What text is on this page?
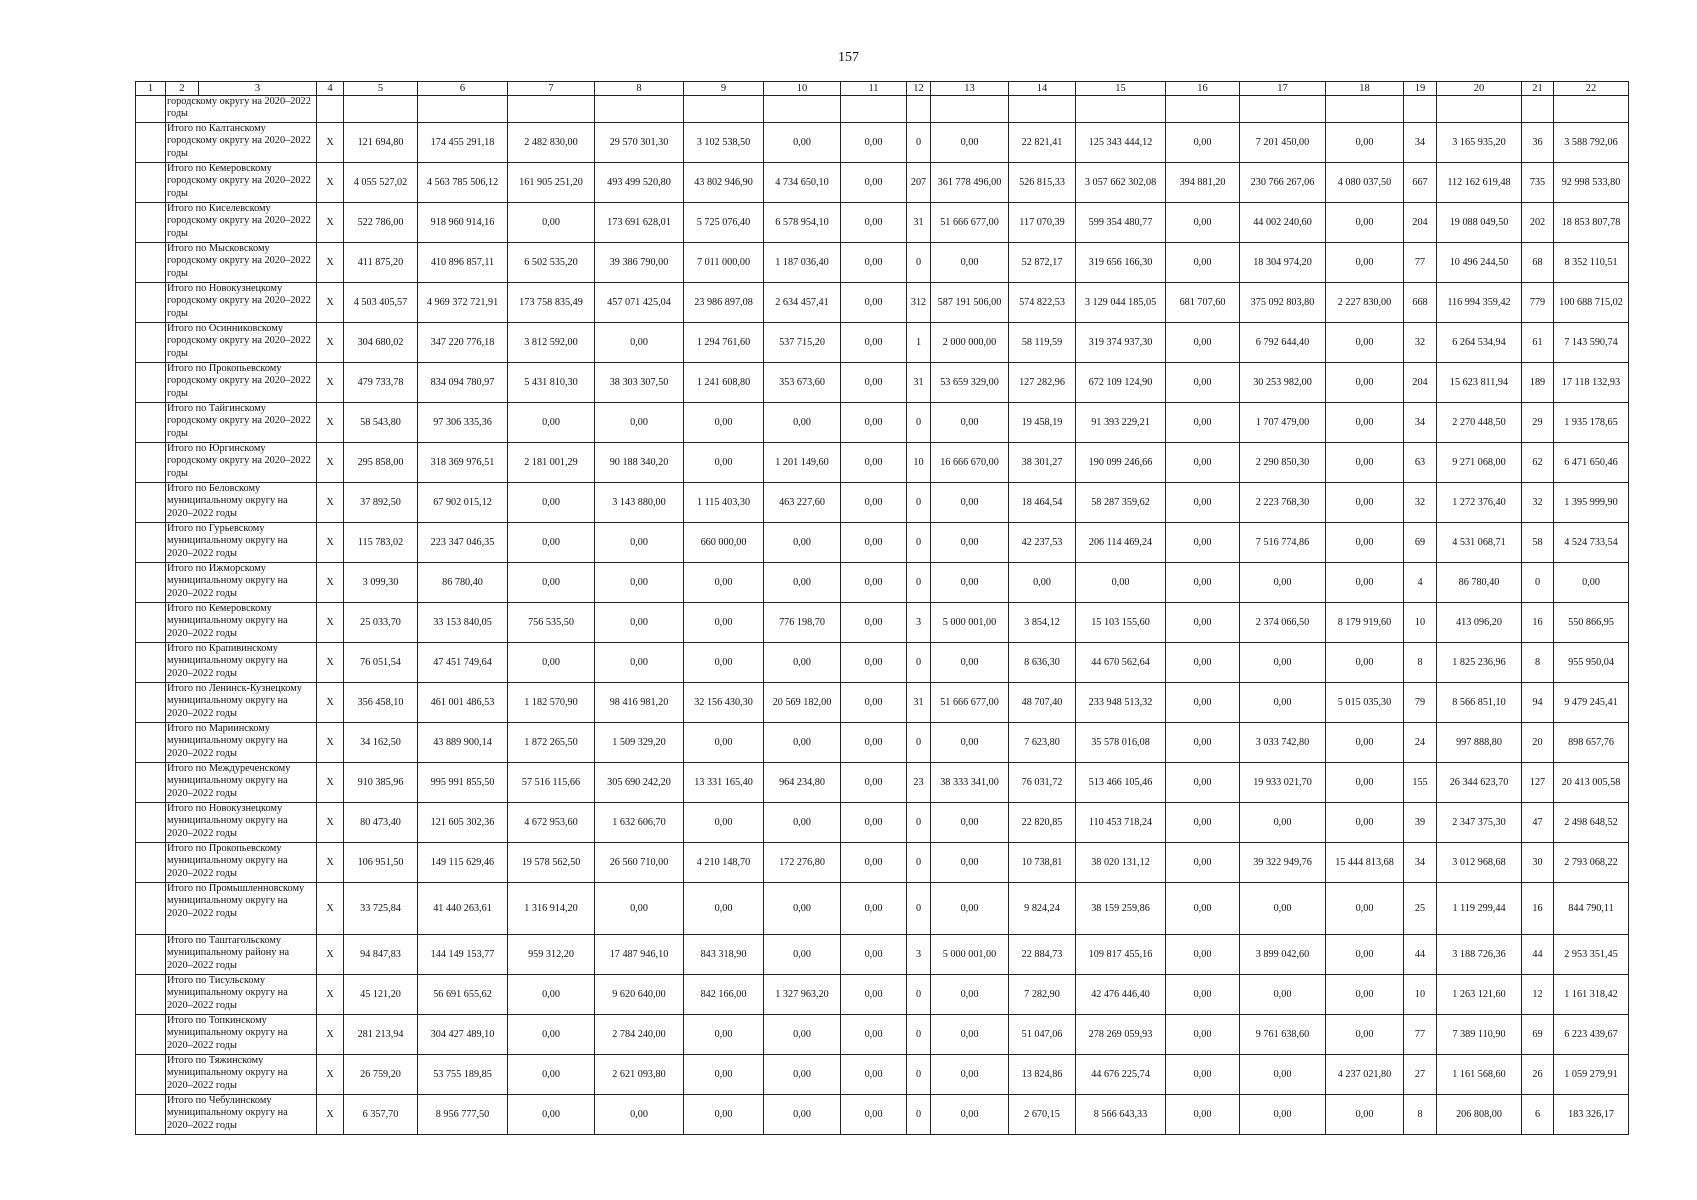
157
1	2	3	4	5	6	7	8	9	10	11	12	13	14	15	16	17	18	19	20	21	22
	городскому округу на 2020–2022 годы																				
	Итого по Калтанскому городскому округу на 2020–2022 годы		Х	121 694,80	174 455 291,18	2 482 830,00	29 570 301,30	3 102 538,50	0,00	0,00	0	0,00	22 821,41	125 343 444,12	0,00	7 201 450,00	0,00	34	3 165 935,20	36	3 588 792,06
	Итого по Кемеровскому городскому округу на 2020–2022 годы		Х	4 055 527,02	4 563 785 506,12	161 905 251,20	493 499 520,80	43 802 946,90	4 734 650,10	0,00	207	361 778 496,00	526 815,33	3 057 662 302,08	394 881,20	230 766 267,06	4 080 037,50	667	112 162 619,48	735	92 998 533,80
	Итого по Киселевскому городскому округу на 2020–2022 годы		Х	522 786,00	918 960 914,16	0,00	173 691 628,01	5 725 076,40	6 578 954,10	0,00	31	51 666 677,00	117 070,39	599 354 480,77	0,00	44 002 240,60	0,00	204	19 088 049,50	202	18 853 807,78
	Итого по Мысковскому городскому округу на 2020–2022 годы		Х	411 875,20	410 896 857,11	6 502 535,20	39 386 790,00	7 011 000,00	1 187 036,40	0,00	0	0,00	52 872,17	319 656 166,30	0,00	18 304 974,20	0,00	77	10 496 244,50	68	8 352 110,51
	Итого по Новокузнецкому городскому округу на 2020–2022 годы		Х	4 503 405,57	4 969 372 721,91	173 758 835,49	457 071 425,04	23 986 897,08	2 634 457,41	0,00	312	587 191 506,00	574 822,53	3 129 044 185,05	681 707,60	375 092 803,80	2 227 830,00	668	116 994 359,42	779	100 688 715,02
	Итого по Осинниковскому городскому округу на 2020–2022 годы		Х	304 680,02	347 220 776,18	3 812 592,00	0,00	1 294 761,60	537 715,20	0,00	1	2 000 000,00	58 119,59	319 374 937,30	0,00	6 792 644,40	0,00	32	6 264 534,94	61	7 143 590,74
	Итого по Прокопьевскому городскому округу на 2020–2022 годы		Х	479 733,78	834 094 780,97	5 431 810,30	38 303 307,50	1 241 608,80	353 673,60	0,00	31	53 659 329,00	127 282,96	672 109 124,90	0,00	30 253 982,00	0,00	204	15 623 811,94	189	17 118 132,93
	Итого по Тайгинскому городскому округу на 2020–2022 годы		Х	58 543,80	97 306 335,36	0,00	0,00	0,00	0,00	0,00	0	0,00	19 458,19	91 393 229,21	0,00	1 707 479,00	0,00	34	2 270 448,50	29	1 935 178,65
	Итого по Юргинскому городскому округу на 2020–2022 годы		Х	295 858,00	318 369 976,51	2 181 001,29	90 188 340,20	0,00	1 201 149,60	0,00	10	16 666 670,00	38 301,27	190 099 246,66	0,00	2 290 850,30	0,00	63	9 271 068,00	62	6 471 650,46
	Итого по Беловскому муниципальному округу на 2020–2022 годы		Х	37 892,50	67 902 015,12	0,00	3 143 880,00	1 115 403,30	463 227,60	0,00	0	0,00	18 464,54	58 287 359,62	0,00	2 223 768,30	0,00	32	1 272 376,40	32	1 395 999,90
	Итого по Гурьевскому муниципальному округу на 2020–2022 годы		Х	115 783,02	223 347 046,35	0,00	0,00	660 000,00	0,00	0,00	0	0,00	42 237,53	206 114 469,24	0,00	7 516 774,86	0,00	69	4 531 068,71	58	4 524 733,54
	Итого по Ижморскому муниципальному округу на 2020–2022 годы		Х	3 099,30	86 780,40	0,00	0,00	0,00	0,00	0,00	0	0,00	0,00	0,00	0,00	0,00	0,00	4	86 780,40	0	0,00
	Итого по Кемеровскому муниципальному округу на 2020–2022 годы		Х	25 033,70	33 153 840,05	756 535,50	0,00	0,00	776 198,70	0,00	3	5 000 001,00	3 854,12	15 103 155,60	0,00	2 374 066,50	8 179 919,60	10	413 096,20	16	550 866,95
	Итого по Крапивинскому муниципальному округу на 2020–2022 годы		Х	76 051,54	47 451 749,64	0,00	0,00	0,00	0,00	0,00	0	0,00	8 636,30	44 670 562,64	0,00	0,00	0,00	8	1 825 236,96	8	955 950,04
	Итого по Ленинск-Кузнецкому муниципальному округу на 2020–2022 годы		Х	356 458,10	461 001 486,53	1 182 570,90	98 416 981,20	32 156 430,30	20 569 182,00	0,00	31	51 666 677,00	48 707,40	233 948 513,32	0,00	0,00	5 015 035,30	79	8 566 851,10	94	9 479 245,41
	Итого по Мариинскому муниципальному округу на 2020–2022 годы		Х	34 162,50	43 889 900,14	1 872 265,50	1 509 329,20	0,00	0,00	0,00	0	0,00	7 623,80	35 578 016,08	0,00	3 033 742,80	0,00	24	997 888,80	20	898 657,76
	Итого по Междуреченскому муниципальному округу на 2020–2022 годы		Х	910 385,96	995 991 855,50	57 516 115,66	305 690 242,20	13 331 165,40	964 234,80	0,00	23	38 333 341,00	76 031,72	513 466 105,46	0,00	19 933 021,70	0,00	155	26 344 623,70	127	20 413 005,58
	Итого по Новокузнецкому муниципальному округу на 2020–2022 годы		Х	80 473,40	121 605 302,36	4 672 953,60	1 632 606,70	0,00	0,00	0,00	0	0,00	22 820,85	110 453 718,24	0,00	0,00	0,00	39	2 347 375,30	47	2 498 648,52
	Итого по Прокопьевскому муниципальному округу на 2020–2022 годы		Х	106 951,50	149 115 629,46	19 578 562,50	26 560 710,00	4 210 148,70	172 276,80	0,00	0	0,00	10 738,81	38 020 131,12	0,00	39 322 949,76	15 444 813,68	34	3 012 968,68	30	2 793 068,22
	Итого по Промышленновскому муниципальному округу на 2020–2022 годы		Х	33 725,84	41 440 263,61	1 316 914,20	0,00	0,00	0,00	0,00	0	0,00	9 824,24	38 159 259,86	0,00	0,00	0,00	25	1 119 299,44	16	844 790,11
	Итого по Таштагольскому муниципальному району на 2020–2022 годы		Х	94 847,83	144 149 153,77	959 312,20	17 487 946,10	843 318,90	0,00	0,00	3	5 000 001,00	22 884,73	109 817 455,16	0,00	3 899 042,60	0,00	44	3 188 726,36	44	2 953 351,45
	Итого по Тисульскому муниципальному округу на 2020–2022 годы		Х	45 121,20	56 691 655,62	0,00	9 620 640,00	842 166,00	1 327 963,20	0,00	0	0,00	7 282,90	42 476 446,40	0,00	0,00	0,00	10	1 263 121,60	12	1 161 318,42
	Итого по Топкинскому муниципальному округу на 2020–2022 годы		Х	281 213,94	304 427 489,10	0,00	2 784 240,00	0,00	0,00	0,00	0	0,00	51 047,06	278 269 059,93	0,00	9 761 638,60	0,00	77	7 389 110,90	69	6 223 439,67
	Итого по Тяжинскому муниципальному округу на 2020–2022 годы		Х	26 759,20	53 755 189,85	0,00	2 621 093,80	0,00	0,00	0,00	0	0,00	13 824,86	44 676 225,74	0,00	0,00	4 237 021,80	27	1 161 568,60	26	1 059 279,91
	Итого по Чебулинскому муниципальному округу на 2020–2022 годы		Х	6 357,70	8 956 777,50	0,00	0,00	0,00	0,00	0,00	0	0,00	2 670,15	8 566 643,33	0,00	0,00	0,00	8	206 808,00	6	183 326,17
